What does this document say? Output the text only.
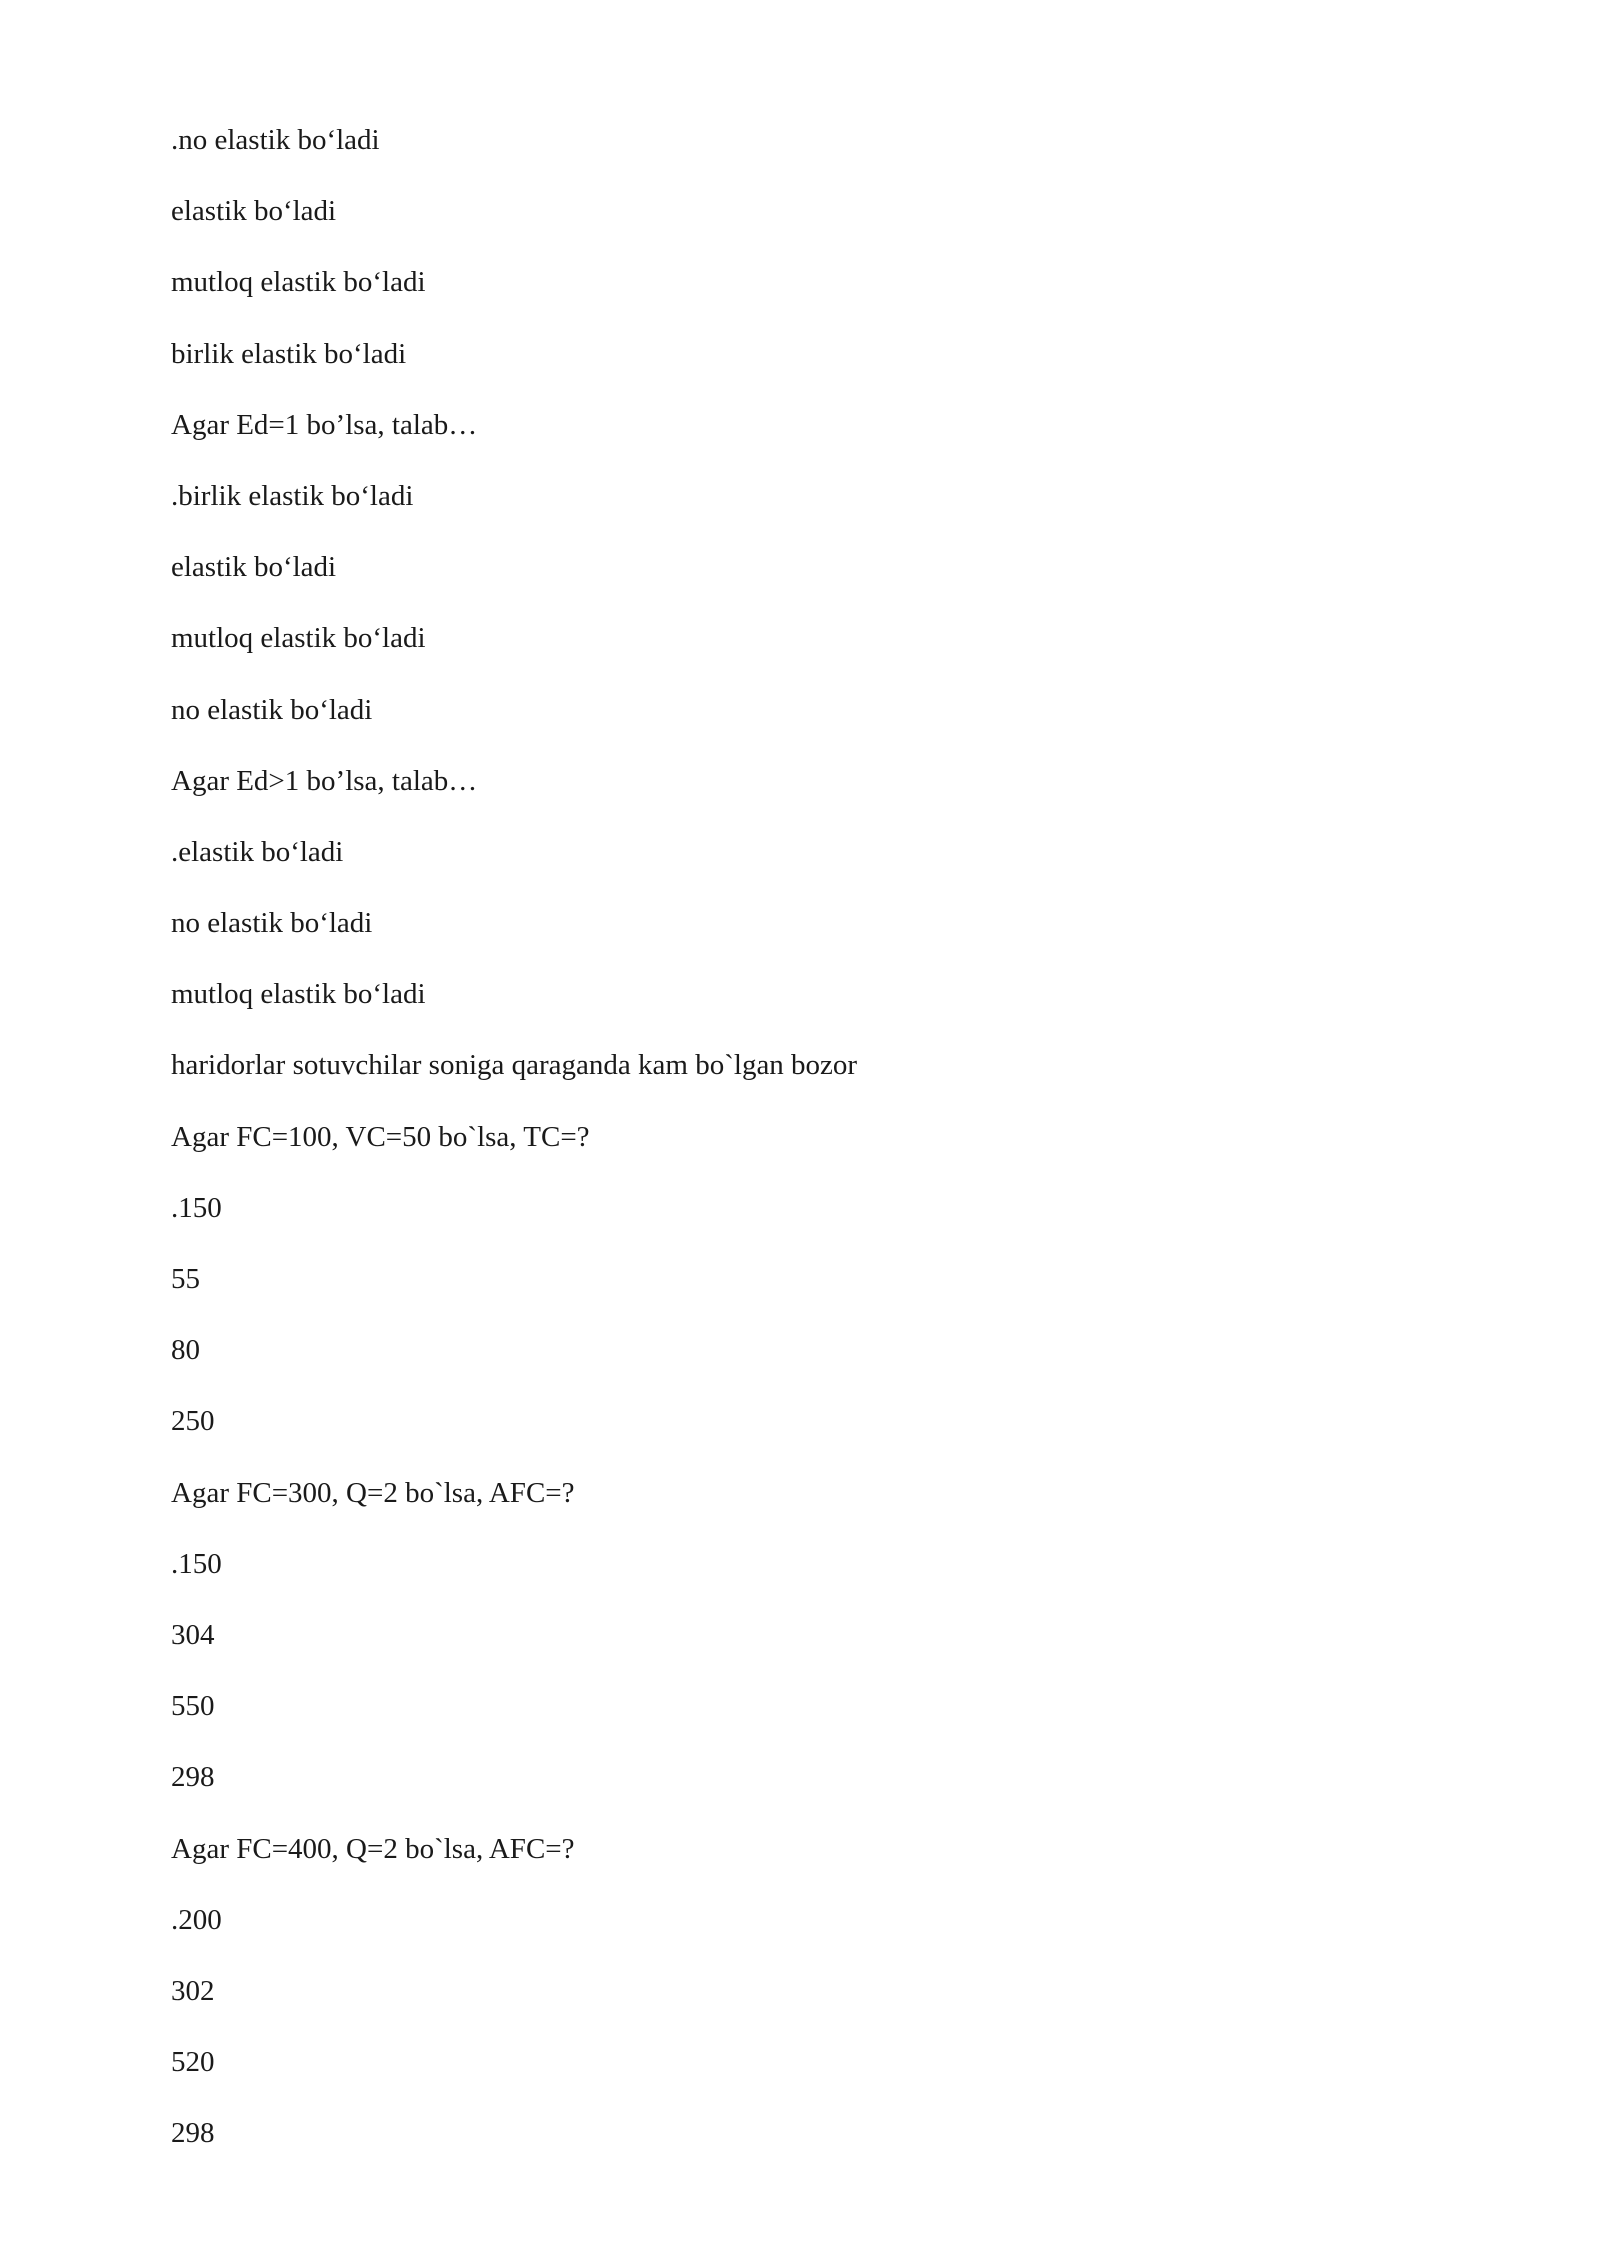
.no elastik bo‘ladi
elastik bo‘ladi
mutloq elastik bo‘ladi
birlik elastik bo‘ladi
Agar Ed=1 bo’lsa, talab…
.birlik elastik bo‘ladi
elastik bo‘ladi
mutloq elastik bo‘ladi
no elastik bo‘ladi
Agar Ed>1 bo’lsa, talab…
.elastik bo‘ladi
no elastik bo‘ladi
mutloq elastik bo‘ladi
haridorlar sotuvchilar soniga qaraganda kam bo`lgan bozor
Agar FC=100, VC=50 bo`lsa, TC=?
.150
55
80
250
Agar FC=300, Q=2 bo`lsa, AFC=?
.150
304
550
298
Agar FC=400, Q=2 bo`lsa, AFC=?
.200
302
520
298
